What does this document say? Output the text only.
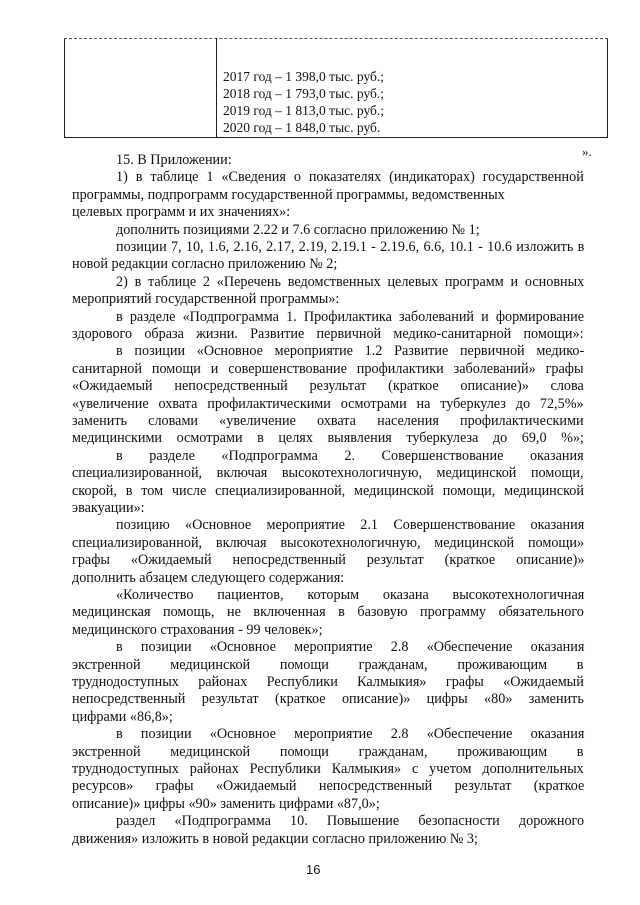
2017 год – 1 398,0 тыс. руб.;
2018 год – 1 793,0 тыс. руб.;
2019 год – 1 813,0 тыс. руб.;
2020 год – 1 848,0 тыс. руб.
».
15. В Приложении:
1) в таблице 1 «Сведения о показателях (индикаторах) государственной
программы, подпрограмм государственной программы, ведомственных
целевых программ и их значениях»:
дополнить позициями 2.22 и 7.6 согласно приложению № 1;
позиции 7, 10, 1.6, 2.16, 2.17, 2.19, 2.19.1 - 2.19.6, 6.6, 10.1 - 10.6 изложить в
новой редакции согласно приложению № 2;
2) в таблице 2 «Перечень ведомственных целевых программ и основных
мероприятий государственной программы»:
в разделе «Подпрограмма 1. Профилактика заболеваний и формирование
здорового образа жизни. Развитие первичной медико-санитарной помощи»:
в позиции «Основное мероприятие 1.2 Развитие первичной медико-
санитарной помощи и совершенствование профилактики заболеваний» графы
«Ожидаемый непосредственный результат (краткое описание)» слова
«увеличение охвата профилактическими осмотрами на туберкулез до 72,5%»
заменить словами «увеличение охвата населения профилактическими
медицинскими осмотрами в целях выявления туберкулеза до 69,0 %»;
в разделе «Подпрограмма 2. Совершенствование оказания
специализированной, включая высокотехнологичную, медицинской помощи,
скорой, в том числе специализированной, медицинской помощи, медицинской
эвакуации»:
позицию «Основное мероприятие 2.1 Совершенствование оказания
специализированной, включая высокотехнологичную, медицинской помощи»
графы «Ожидаемый непосредственный результат (краткое описание)»
дополнить абзацем следующего содержания:
«Количество пациентов, которым оказана высокотехнологичная
медицинская помощь, не включенная в базовую программу обязательного
медицинского страхования - 99 человек»;
в позиции «Основное мероприятие 2.8 «Обеспечение оказания
экстренной медицинской помощи гражданам, проживающим в
труднодоступных районах Республики Калмыкия» графы «Ожидаемый
непосредственный результат (краткое описание)» цифры «80» заменить
цифрами «86,8»;
в позиции «Основное мероприятие 2.8 «Обеспечение оказания
экстренной медицинской помощи гражданам, проживающим в
труднодоступных районах Республики Калмыкия» с учетом дополнительных
ресурсов» графы «Ожидаемый непосредственный результат (краткое
описание)» цифры «90» заменить цифрами «87,0»;
раздел «Подпрограмма 10. Повышение безопасности дорожного
движения» изложить в новой редакции согласно приложению № 3;
16
